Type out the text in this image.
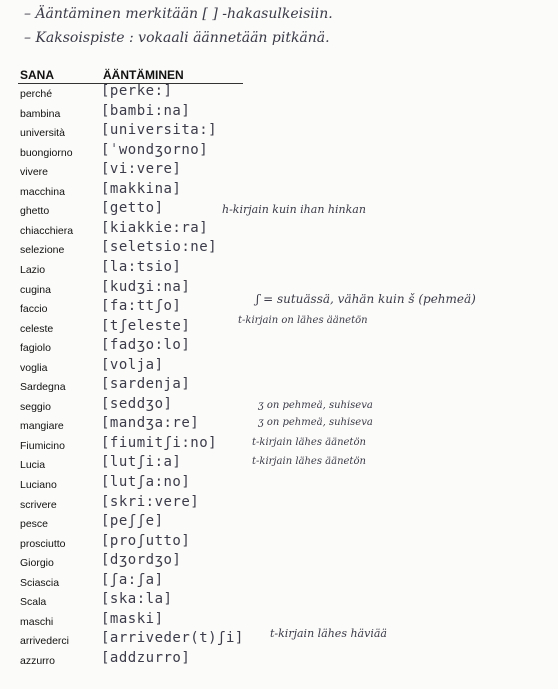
– Ääntäminen merkitään [ ] -hakasulkeisiin.
– Kaksoispiste : vokaali äännetään pitkänä.
SANA	ÄÄNTÄMINEN
perché	[perke:]
bambina	[bambi:na]
università	[universita:]
buongiorno [ˈwondʒorno]
vivere	[vi:vere]
macchina	[makkina]
ghetto	[getto]
chiacchiera [kiakkie:ra]
selezione	[seletsio:ne]
Lazio	[la:tsio]
cugina	[kudʒi:na]
faccio	[fa:ttʃo]
celeste	[tʃeleste]
fagiolo	[fadʒo:lo]
voglia	[volja]
Sardegna	[sardenja]
seggio	[seddʒo]
mangiare	[mandʒa:re]
Fiumicino	[fiumitʃi:no]
Lucia	[lutʃi:a]
Luciano	[lutʃa:no]
scrivere	[skri:vere]
pesce	[peʃʃe]
prosciutto	[proʃutto]
Giorgio	[dʒordʒo]
Sciascia	[ʃa:ʃa]
Scala	[ska:la]
maschi	[maski]
arrivederci [arriveder(t)ʃi]
azzurro	[addzurro]
h-kirjain kuin ihan hinkan
ʃ = sutuässä, vähän kuin š (pehmeä)
t-kirjain on lähes äänetön
ʒ on pehmeä, suhiseva
ʒ on pehmeä, suhiseva
t-kirjain lähes äänetön
t-kirjain lähes äänetön
t-kirjain lähes häviää
